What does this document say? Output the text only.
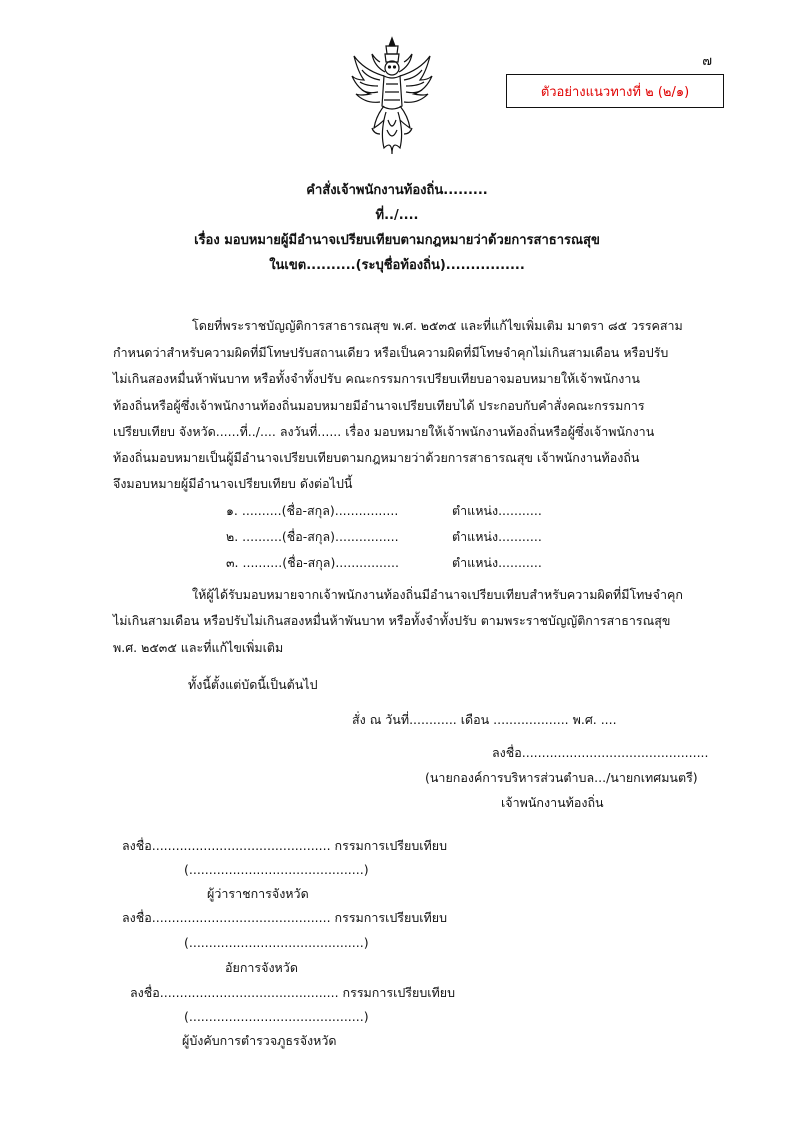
๗
ตัวอย่างแนวทางที่ ๒ (๒/๑)
คำสั่งเจ้าพนักงานท้องถิ่น.........
ที่../....
เรื่อง มอบหมายผู้มีอำนาจเปรียบเทียบตามกฎหมายว่าด้วยการสาธารณสุข
ในเขต..........(ระบุชื่อท้องถิ่น)................
โดยที่พระราชบัญญัติการสาธารณสุข พ.ศ. ๒๕๓๕ และที่แก้ไขเพิ่มเติม มาตรา ๘๕ วรรคสาม
กำหนดว่าสำหรับความผิดที่มีโทษปรับสถานเดียว หรือเป็นความผิดที่มีโทษจำคุกไม่เกินสามเดือน หรือปรับ
ไม่เกินสองหมื่นห้าพันบาท หรือทั้งจำทั้งปรับ คณะกรรมการเปรียบเทียบอาจมอบหมายให้เจ้าพนักงาน
ท้องถิ่นหรือผู้ซึ่งเจ้าพนักงานท้องถิ่นมอบหมายมีอำนาจเปรียบเทียบได้ ประกอบกับคำสั่งคณะกรรมการ
เปรียบเทียบ จังหวัด......ที่../.... ลงวันที่...... เรื่อง มอบหมายให้เจ้าพนักงานท้องถิ่นหรือผู้ซึ่งเจ้าพนักงาน
ท้องถิ่นมอบหมายเป็นผู้มีอำนาจเปรียบเทียบตามกฎหมายว่าด้วยการสาธารณสุข เจ้าพนักงานท้องถิ่น
จึงมอบหมายผู้มีอำนาจเปรียบเทียบ ดังต่อไปนี้
๑. ..........(ชื่อ-สกุล)................	ตำแหน่ง...........
๒. ..........(ชื่อ-สกุล)................	ตำแหน่ง...........
๓. ..........(ชื่อ-สกุล)................	ตำแหน่ง...........
ให้ผู้ได้รับมอบหมายจากเจ้าพนักงานท้องถิ่นมีอำนาจเปรียบเทียบสำหรับความผิดที่มีโทษจำคุก
ไม่เกินสามเดือน หรือปรับไม่เกินสองหมื่นห้าพันบาท หรือทั้งจำทั้งปรับ ตามพระราชบัญญัติการสาธารณสุข
พ.ศ. ๒๕๓๕ และที่แก้ไขเพิ่มเติม
ทั้งนี้ตั้งแต่บัดนี้เป็นต้นไป
สั่ง ณ วันที่............ เดือน ................... พ.ศ. ....
ลงชื่อ...............................................
(นายกองค์การบริหารส่วนตำบล.../นายกเทศมนตรี)
เจ้าพนักงานท้องถิ่น
ลงชื่อ............................................. กรรมการเปรียบเทียบ
(............................................)
ผู้ว่าราชการจังหวัด
ลงชื่อ............................................. กรรมการเปรียบเทียบ
(............................................)
อัยการจังหวัด
ลงชื่อ............................................. กรรมการเปรียบเทียบ
(............................................)
ผู้บังคับการตำรวจภูธรจังหวัด
